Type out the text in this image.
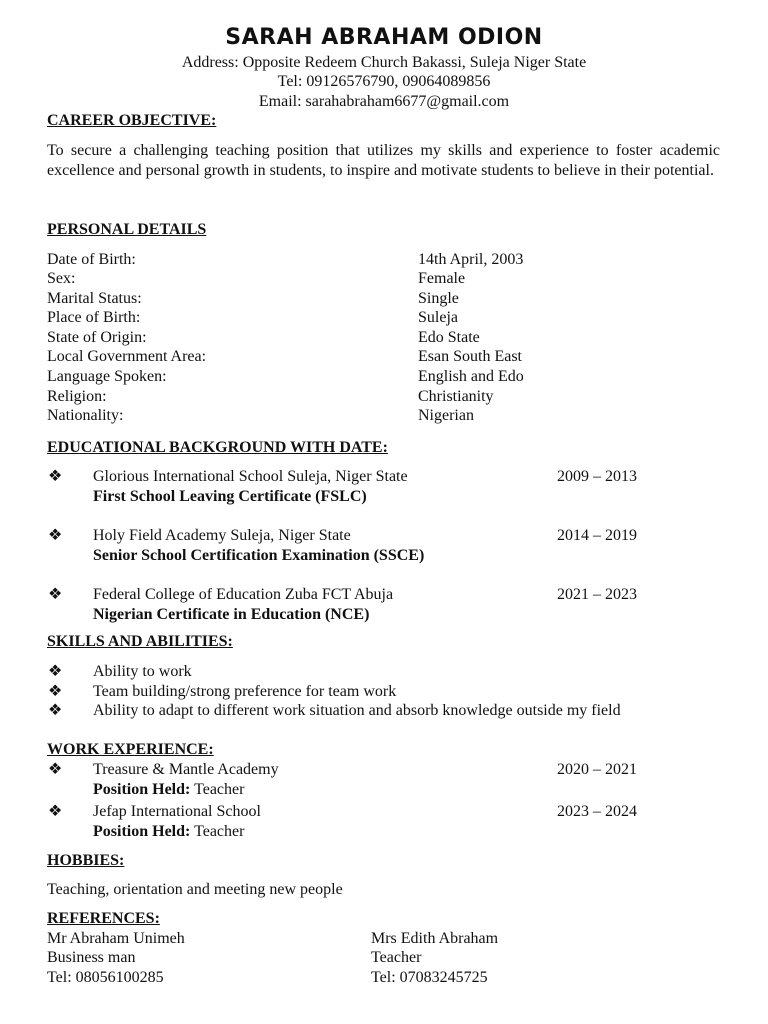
SARAH ABRAHAM ODION
Address: Opposite Redeem Church Bakassi, Suleja Niger State
Tel: 09126576790, 09064089856
Email: sarahabraham6677@gmail.com
CAREER OBJECTIVE:
To secure a challenging teaching position that utilizes my skills and experience to foster academic excellence and personal growth in students, to inspire and motivate students to believe in their potential.
PERSONAL DETAILS
Date of Birth:	14th April, 2003
Sex:	Female
Marital Status:	Single
Place of Birth:	Suleja
State of Origin:	Edo State
Local Government Area:	Esan South East
Language Spoken:	English and Edo
Religion:	Christianity
Nationality:	Nigerian
EDUCATIONAL BACKGROUND WITH DATE:
❖ Glorious International School Suleja, Niger State	2009 – 2013
First School Leaving Certificate (FSLC)
❖ Holy Field Academy Suleja, Niger State	2014 – 2019
Senior School Certification Examination (SSCE)
❖ Federal College of Education Zuba FCT Abuja	2021 – 2023
Nigerian Certificate in Education (NCE)
SKILLS AND ABILITIES:
❖ Ability to work
❖ Team building/strong preference for team work
❖ Ability to adapt to different work situation and absorb knowledge outside my field
WORK EXPERIENCE:
❖ Treasure & Mantle Academy	2020 – 2021
Position Held: Teacher
❖ Jefap International School	2023 – 2024
Position Held: Teacher
HOBBIES:
Teaching, orientation and meeting new people
REFERENCES:
Mr Abraham Unimeh
Business man
Tel: 08056100285
Mrs Edith Abraham
Teacher
Tel: 07083245725
